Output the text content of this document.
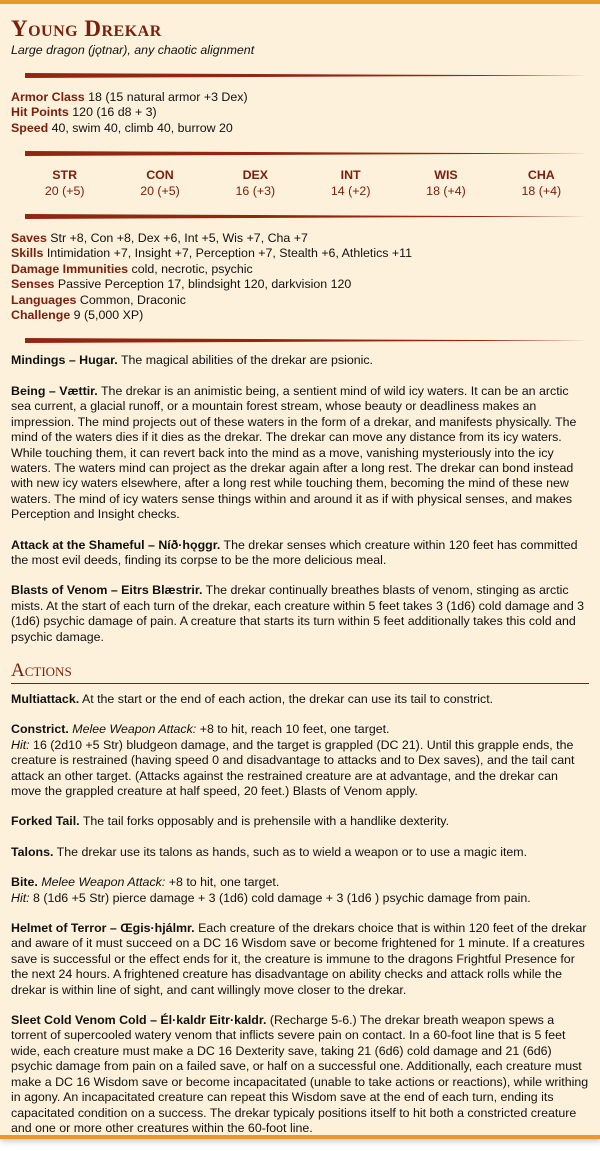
Young Drekar
Large dragon (jǫtnar), any chaotic alignment
Armor Class 18 (15 natural armor +3 Dex)
Hit Points 120 (16 d8 + 3)
Speed 40, swim 40, climb 40, burrow 20
STR
20 (+5)
CON
20 (+5)
DEX
16 (+3)
INT
14 (+2)
WIS
18 (+4)
CHA
18 (+4)
Saves Str +8, Con +8, Dex +6, Int +5, Wis +7, Cha +7
Skills Intimidation +7, Insight +7, Perception +7, Stealth +6, Athletics +11
Damage Immunities cold, necrotic, psychic
Senses Passive Perception 17, blindsight 120, darkvision 120
Languages Common, Draconic
Challenge 9 (5,000 XP)

Mindings – Hugar. The magical abilities of the drekar are psionic.

Being – Vættir. The drekar is an animistic being, a sentient mind of wild icy waters. It can be an arctic sea current, a glacial runoff, or a mountain forest stream, whose beauty or deadliness makes an impression. The mind projects out of these waters in the form of a drekar, and manifests physically. The mind of the waters dies if it dies as the drekar. The drekar can move any distance from its icy waters. While touching them, it can revert back into the mind as a move, vanishing mysteriously into the icy waters. The waters mind can project as the drekar again after a long rest. The drekar can bond instead with new icy waters elsewhere, after a long rest while touching them, becoming the mind of these new waters. The mind of icy waters sense things within and around it as if with physical senses, and makes Perception and Insight checks.

Attack at the Shameful – Níð·hǫggr. The drekar senses which creature within 120 feet has committed the most evil deeds, finding its corpse to be the more delicious meal.

Blasts of Venom – Eitrs Blæstrir. The drekar continually breathes blasts of venom, stinging as arctic mists. At the start of each turn of the drekar, each creature within 5 feet takes 3 (1d6) cold damage and 3 (1d6) psychic damage of pain. A creature that starts its turn within 5 feet additionally takes this cold and psychic damage.

Actions

Multiattack. At the start or the end of each action, the drekar can use its tail to constrict.

Constrict. Melee Weapon Attack: +8 to hit, reach 10 feet, one target.
Hit: 16 (2d10 +5 Str) bludgeon damage, and the target is grappled (DC 21). Until this grapple ends, the creature is restrained (having speed 0 and disadvantage to attacks and to Dex saves), and the tail cant attack an other target. (Attacks against the restrained creature are at advantage, and the drekar can move the grappled creature at half speed, 20 feet.) Blasts of Venom apply.

Forked Tail. The tail forks opposably and is prehensile with a handlike dexterity.

Talons. The drekar use its talons as hands, such as to wield a weapon or to use a magic item.

Bite. Melee Weapon Attack: +8 to hit, one target.
Hit: 8 (1d6 +5 Str) pierce damage + 3 (1d6) cold damage + 3 (1d6 ) psychic damage from pain.

Helmet of Terror – Œgis·hjálmr. Each creature of the drekars choice that is within 120 feet of the drekar and aware of it must succeed on a DC 16 Wisdom save or become frightened for 1 minute. If a creatures save is successful or the effect ends for it, the creature is immune to the dragons Frightful Presence for the next 24 hours. A frightened creature has disadvantage on ability checks and attack rolls while the drekar is within line of sight, and cant willingly move closer to the drekar.

Sleet Cold Venom Cold – Él·kaldr Eitr·kaldr. (Recharge 5-6.) The drekar breath weapon spews a torrent of supercooled watery venom that inflicts severe pain on contact. In a 60-foot line that is 5 feet wide, each creature must make a DC 16 Dexterity save, taking 21 (6d6) cold damage and 21 (6d6) psychic damage from pain on a failed save, or half on a successful one. Additionally, each creature must make a DC 16 Wisdom save or become incapacitated (unable to take actions or reactions), while writhing in agony. An incapacitated creature can repeat this Wisdom save at the end of each turn, ending its capacitated condition on a success. The drekar typicaly positions itself to hit both a constricted creature and one or more other creatures within the 60-foot line.
